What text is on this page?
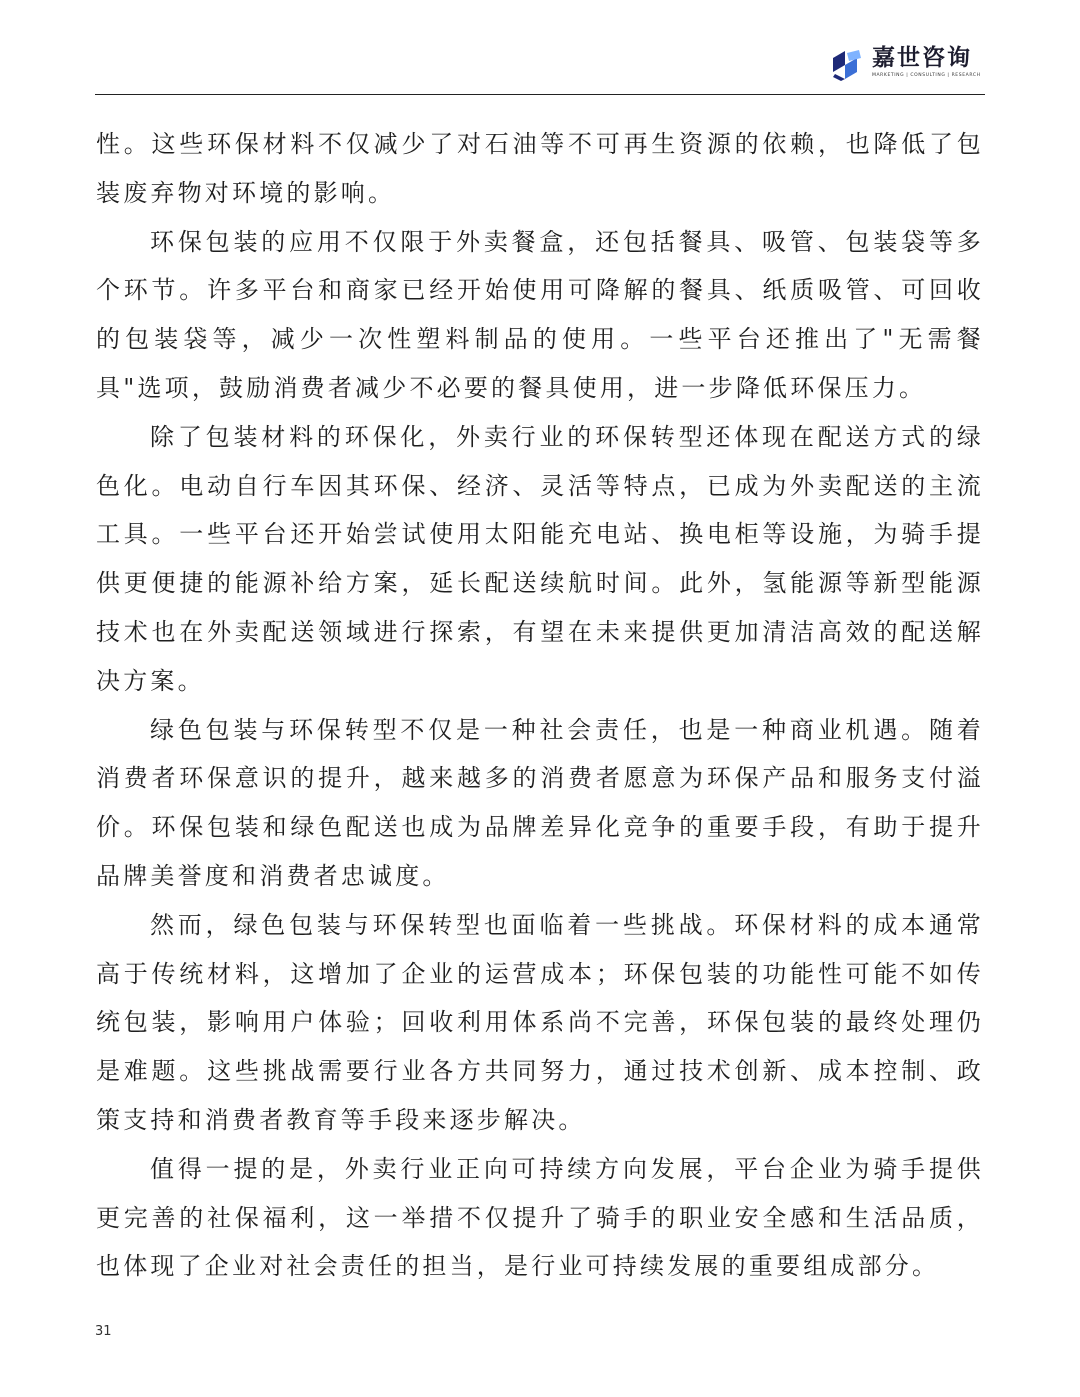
嘉世咨询
MARKETING | CONSULTING | RESEARCH

性。这些环保材料不仅减少了对石油等不可再生资源的依赖，也降低了包装废弃物对环境的影响。

环保包装的应用不仅限于外卖餐盒，还包括餐具、吸管、包装袋等多个环节。许多平台和商家已经开始使用可降解的餐具、纸质吸管、可回收的包装袋等，减少一次性塑料制品的使用。一些平台还推出了"无需餐具"选项，鼓励消费者减少不必要的餐具使用，进一步降低环保压力。

除了包装材料的环保化，外卖行业的环保转型还体现在配送方式的绿色化。电动自行车因其环保、经济、灵活等特点，已成为外卖配送的主流工具。一些平台还开始尝试使用太阳能充电站、换电柜等设施，为骑手提供更便捷的能源补给方案，延长配送续航时间。此外，氢能源等新型能源技术也在外卖配送领域进行探索，有望在未来提供更加清洁高效的配送解决方案。

绿色包装与环保转型不仅是一种社会责任，也是一种商业机遇。随着消费者环保意识的提升，越来越多的消费者愿意为环保产品和服务支付溢价。环保包装和绿色配送也成为品牌差异化竞争的重要手段，有助于提升品牌美誉度和消费者忠诚度。

然而，绿色包装与环保转型也面临着一些挑战。环保材料的成本通常高于传统材料，这增加了企业的运营成本；环保包装的功能性可能不如传统包装，影响用户体验；回收利用体系尚不完善，环保包装的最终处理仍是难题。这些挑战需要行业各方共同努力，通过技术创新、成本控制、政策支持和消费者教育等手段来逐步解决。

值得一提的是，外卖行业正向可持续方向发展，平台企业为骑手提供更完善的社保福利，这一举措不仅提升了骑手的职业安全感和生活品质，也体现了企业对社会责任的担当，是行业可持续发展的重要组成部分。

31
